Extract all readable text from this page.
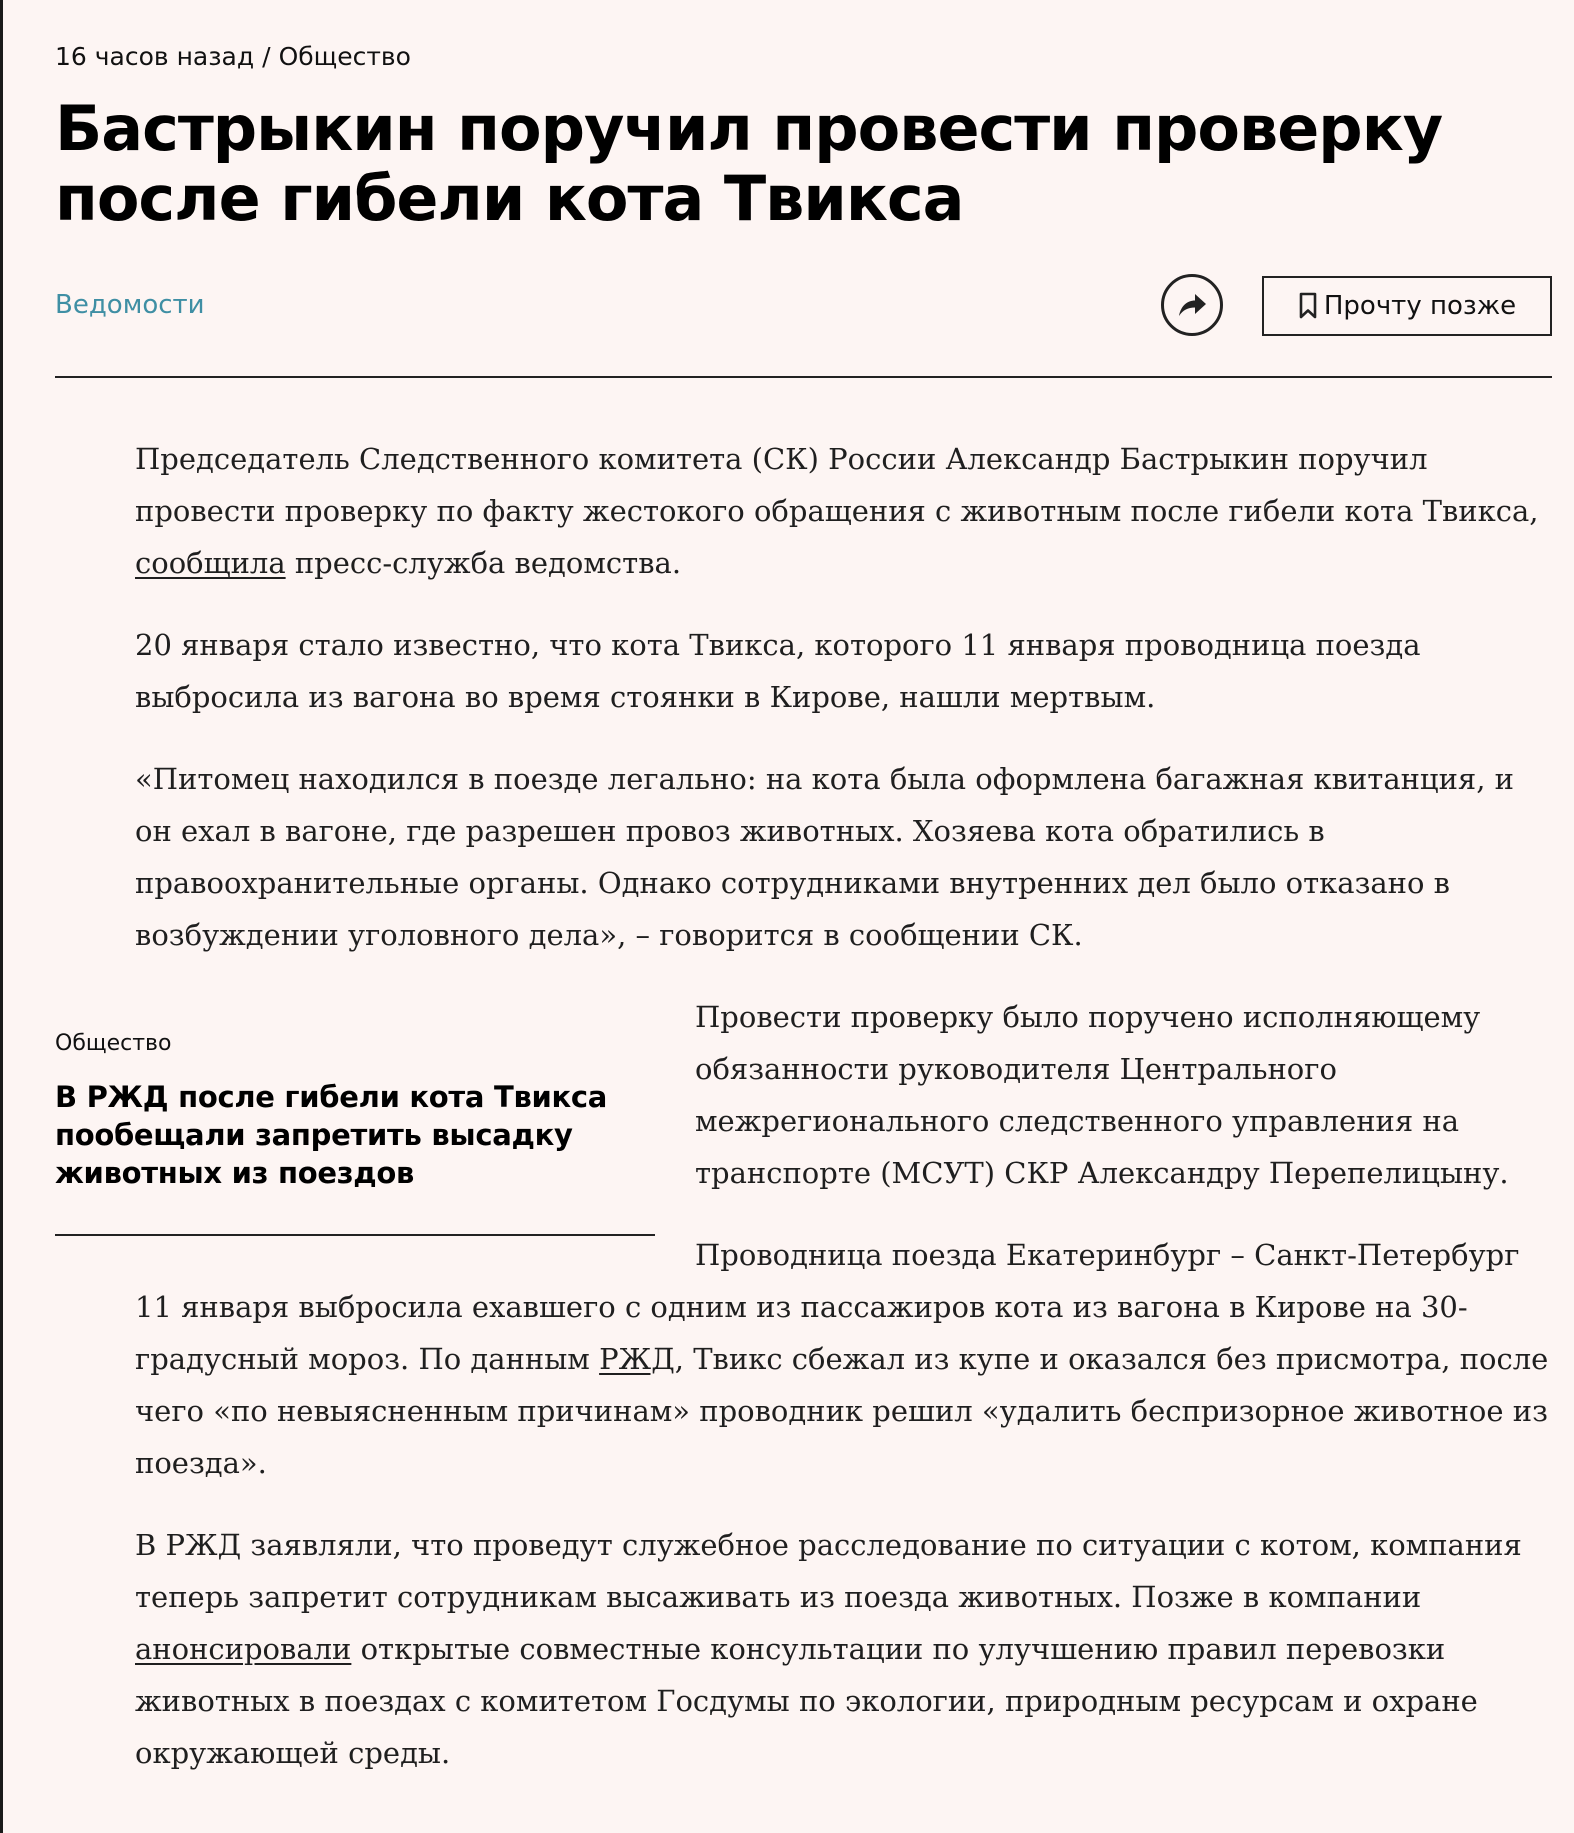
16 часов назад / Общество
Бастрыкин поручил провести проверку после гибели кота Твикса
Ведомости	Прочту позже

Председатель Следственного комитета (СК) России Александр Бастрыкин поручил провести проверку по факту жестокого обращения с животным после гибели кота Твикса, сообщила пресс-служба ведомства.

20 января стало известно, что кота Твикса, которого 11 января проводница поезда выбросила из вагона во время стоянки в Кирове, нашли мертвым.

«Питомец находился в поезде легально: на кота была оформлена багажная квитанция, и он ехал в вагоне, где разрешен провоз животных. Хозяева кота обратились в правоохранительные органы. Однако сотрудниками внутренних дел было отказано в возбуждении уголовного дела», – говорится в сообщении СК.

Общество
В РЖД после гибели кота Твикса пообещали запретить высадку животных из поездов

Провести проверку было поручено исполняющему обязанности руководителя Центрального межрегионального следственного управления на транспорте (МСУТ) СКР Александру Перепелицыну.

Проводница поезда Екатеринбург – Санкт-Петербург 11 января выбросила ехавшего с одним из пассажиров кота из вагона в Кирове на 30-градусный мороз. По данным РЖД, Твикс сбежал из купе и оказался без присмотра, после чего «по невыясненным причинам» проводник решил «удалить беспризорное животное из поезда».

В РЖД заявляли, что проведут служебное расследование по ситуации с котом, компания теперь запретит сотрудникам высаживать из поезда животных. Позже в компании анонсировали открытые совместные консультации по улучшению правил перевозки животных в поездах с комитетом Госдумы по экологии, природным ресурсам и охране окружающей среды.
